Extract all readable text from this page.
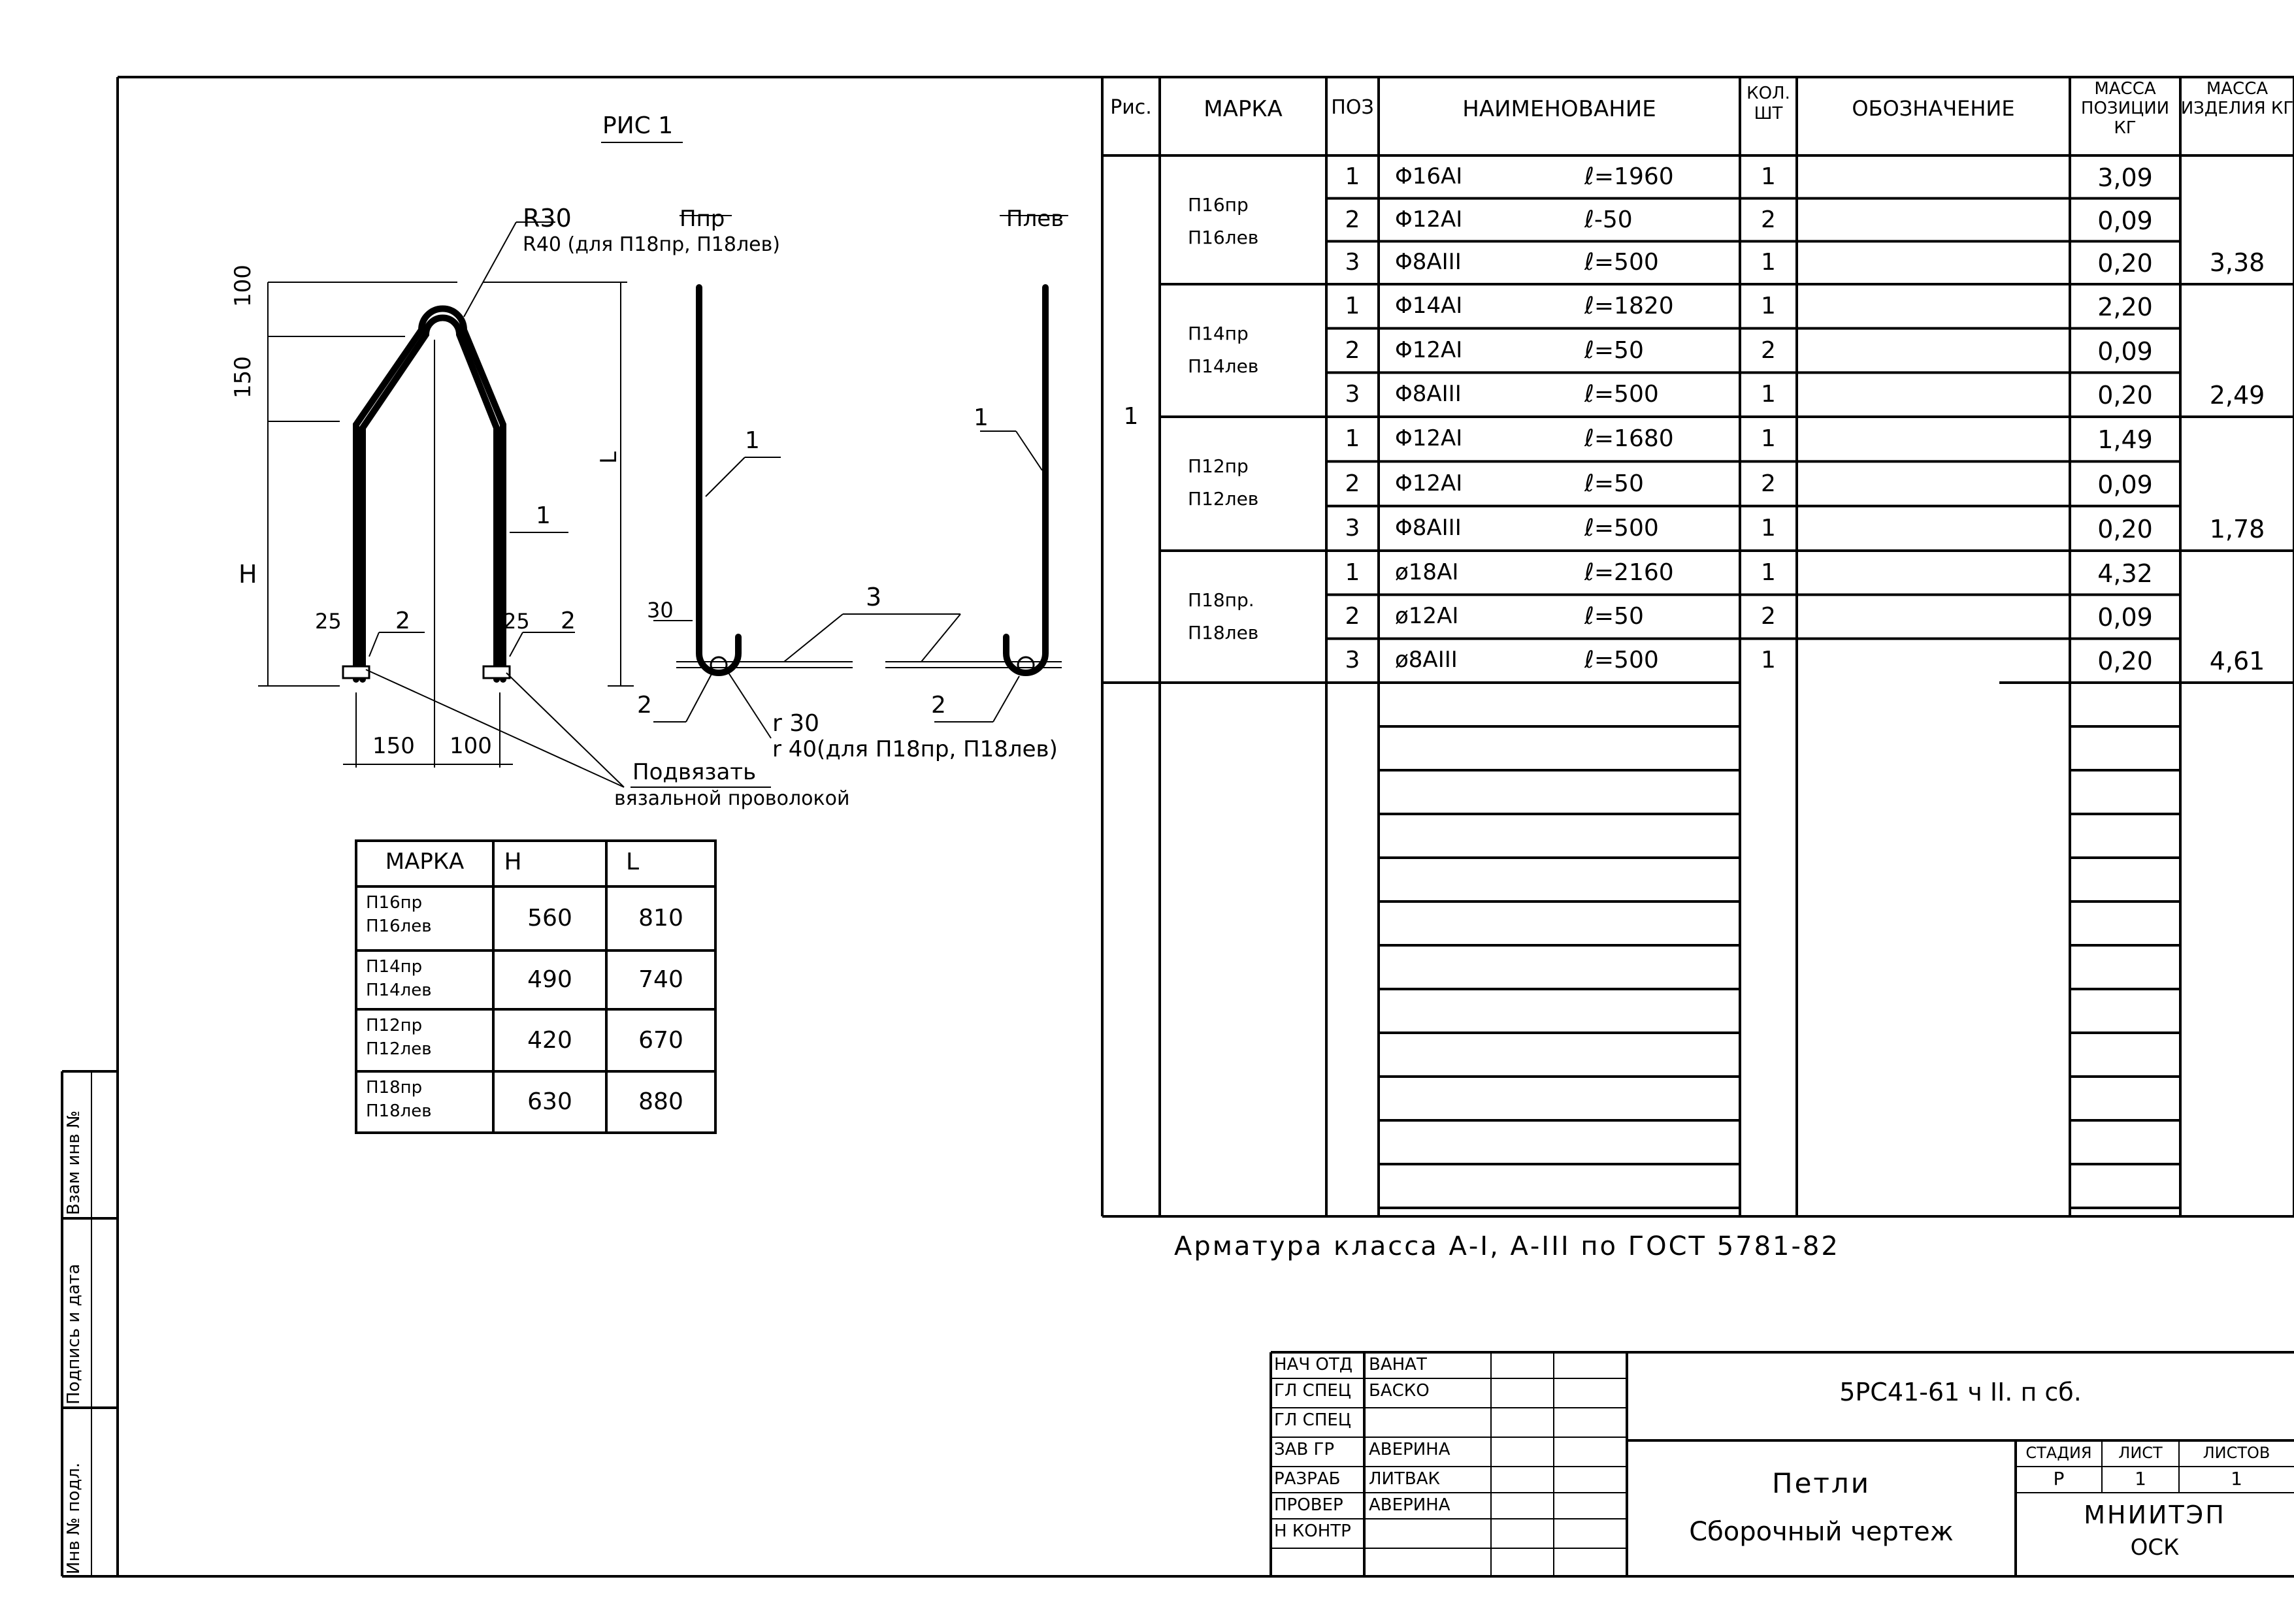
РИС 1
Ппр	Плев
R30
R40 (для П18пр, П18лев)
100
150
H
L
25	25	30
150 100
1
1
1
2	2
2	2
3
r 30
r 40(для П18пр, П18лев)
Подвязать
вязальной проволокой
МАРКА	H	L
П16пр
П16лев	560	810
П14пр
П14лев	490	740
П12пр
П12лев	420	670
П18пр
П18лев	630	880
Рис.	МАРКА	ПОЗ	НАИМЕНОВАНИЕ
КОЛ. ШТ	ОБОЗНАЧЕНИЕ
МАССА ПОЗИЦИИ КГ
МАССА ИЗДЕЛИЯ КГ
1
П16пр
П16лев
3,38
1	Φ16АI	ℓ=1960	1	3,09
2	Φ12АI	ℓ-50	2	0,09
3	Φ8АIII	ℓ=500	1	0,20
П14пр
П14лев
2,49
1	Φ14АI	ℓ=1820	1	2,20
2	Φ12АI	ℓ=50	2	0,09
3	Φ8АIII	ℓ=500	1	0,20
П12пр
П12лев
1,78
1	Φ12АI	ℓ=1680	1	1,49
2	Φ12АI	ℓ=50	2	0,09
3	Φ8АIII	ℓ=500	1	0,20
П18пр.
П18лев
4,61
1	ø18АI	ℓ=2160	1	4,32
2	ø12АI	ℓ=50	2	0,09
3	ø8АIII	ℓ=500	1	0,20
Арматура класса А-I, А-III по ГОСТ 5781-82
Инв № подл.
Подпись и дата
Взам инв №
НАЧ ОТД ВАНАТ
ГЛ СПЕЦ БАСКО
ГЛ СПЕЦ
ЗАВ ГР АВЕРИНА
РАЗРАБ ЛИТВАК
ПРОВЕР АВЕРИНА
Н КОНТР
5РС41-61 ч II. п сб.
Петли
Сборочный чертеж
СТАДИЯ	ЛИСТ	ЛИСТОВ
Р	1	1
МНИИТЭП
ОСК
